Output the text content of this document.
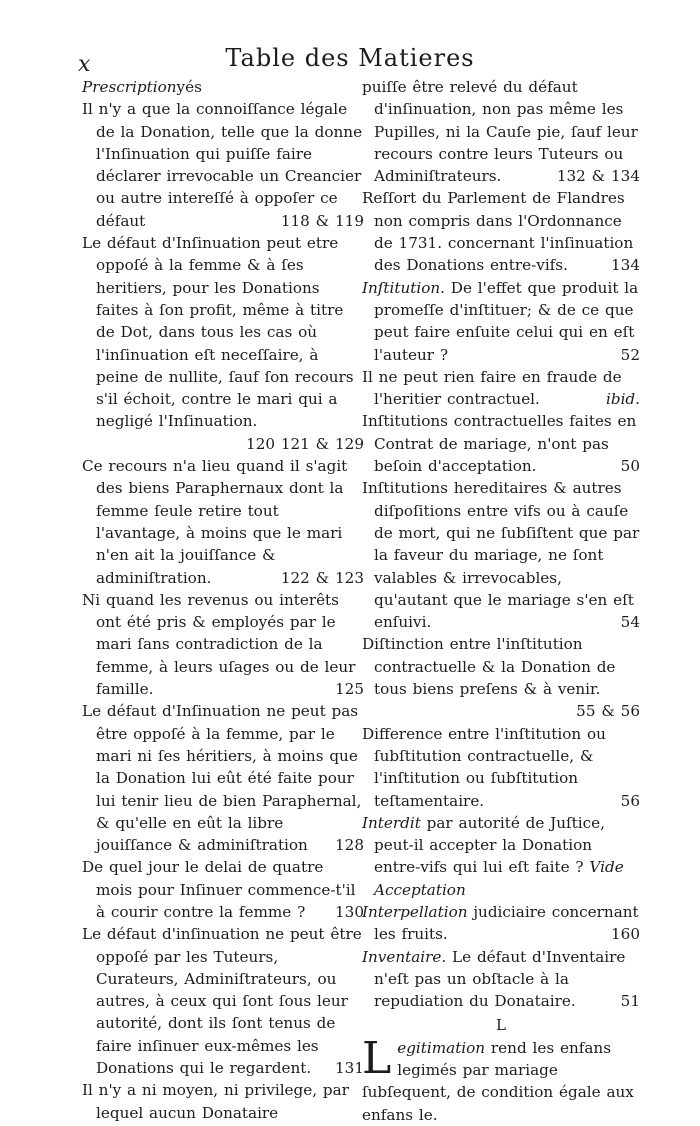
x	Table des Matieres

Prescriptionyés

Il n'y a que la connoiſſance légale de la Donation, telle que la donne l'Inſinuation qui puiſſe faire déclarer irrevocable un Creancier ou autre intereſſé à oppoſer ce défaut	118 & 119

Le défaut d'Inſinuation peut etre oppoſé à la femme & à ſes heritiers, pour les Donations faites à ſon profit, même à titre de Dot, dans tous les cas où l'inſinuation eſt neceſſaire, à peine de nullite, ſauf ſon recours s'il échoit, contre le mari qui a negligé l'Inſinuation.
120 121 & 129

Ce recours n'a lieu quand il s'agit des biens Paraphernaux dont la femme ſeule retire tout l'avantage, à moins que le mari n'en ait la jouiſſance & adminiſtration.	122 & 123

Ni quand les revenus ou interêts ont été pris & employés par le mari ſans contradiction de la femme, à leurs uſages ou de leur famille.	125

Le défaut d'Inſinuation ne peut pas être oppoſé à la femme, par le mari ni ſes héritiers, à moins que la Donation lui eût été faite pour lui tenir lieu de bien Paraphernal, & qu'elle en eût la libre jouiſſance & adminiſtration 128

De quel jour le delai de quatre mois pour Inſinuer commence-t'il à courir contre la femme ? 130

Le défaut d'inſinuation ne peut être oppoſé par les Tuteurs, Curateurs, Adminiſtrateurs, ou autres, à ceux qui ſont ſous leur autorité, dont ils ſont tenus de faire inſinuer eux-mêmes les Donations qui le regardent. 131

Il n'y a ni moyen, ni privilege, par lequel aucun Donataire

puiſſe être relevé du défaut d'inſinuation, non pas même les Pupilles, ni la Cauſe pie, ſauf leur recours contre leurs Tuteurs ou Adminiſtrateurs.	132 & 134

Reſſort du Parlement de Flandres non compris dans l'Ordonnance de 1731. concernant l'inſinuation des Donations entre-vifs.	134

Inſtitution. De l'effet que produit la promeſſe d'inſtituer; & de ce que peut faire enſuite celui qui en eſt l'auteur ?	52

Il ne peut rien faire en fraude de l'heritier contractuel.	ibid.

Inſtitutions contractuelles faites en Contrat de mariage, n'ont pas beſoin d'acceptation.	50

Inſtitutions hereditaires & autres diſpoſitions entre vifs ou à cauſe de mort, qui ne ſubſiſtent que par la faveur du mariage, ne ſont valables & irrevocables, qu'autant que le mariage s'en eſt enſuivi.	54

Diſtinction entre l'inſtitution contractuelle & la Donation de tous biens preſens & à venir.
55 & 56

Difference entre l'inſtitution ou ſubſtitution contractuelle, & l'inſtitution ou ſubſtitution teſtamentaire.	56

Interdit par autorité de Juſtice, peut-il accepter la Donation entre-vifs qui lui eſt faite ? Vide Acceptation

Interpellation judiciaire concernant les fruits.	160

Inventaire. Le défaut d'Inventaire n'eſt pas un obſtacle à la repudiation du Donataire.	51

L

Legitimation rend les enfans legimés par mariage ſubſequent, de condition égale aux enfans le.
